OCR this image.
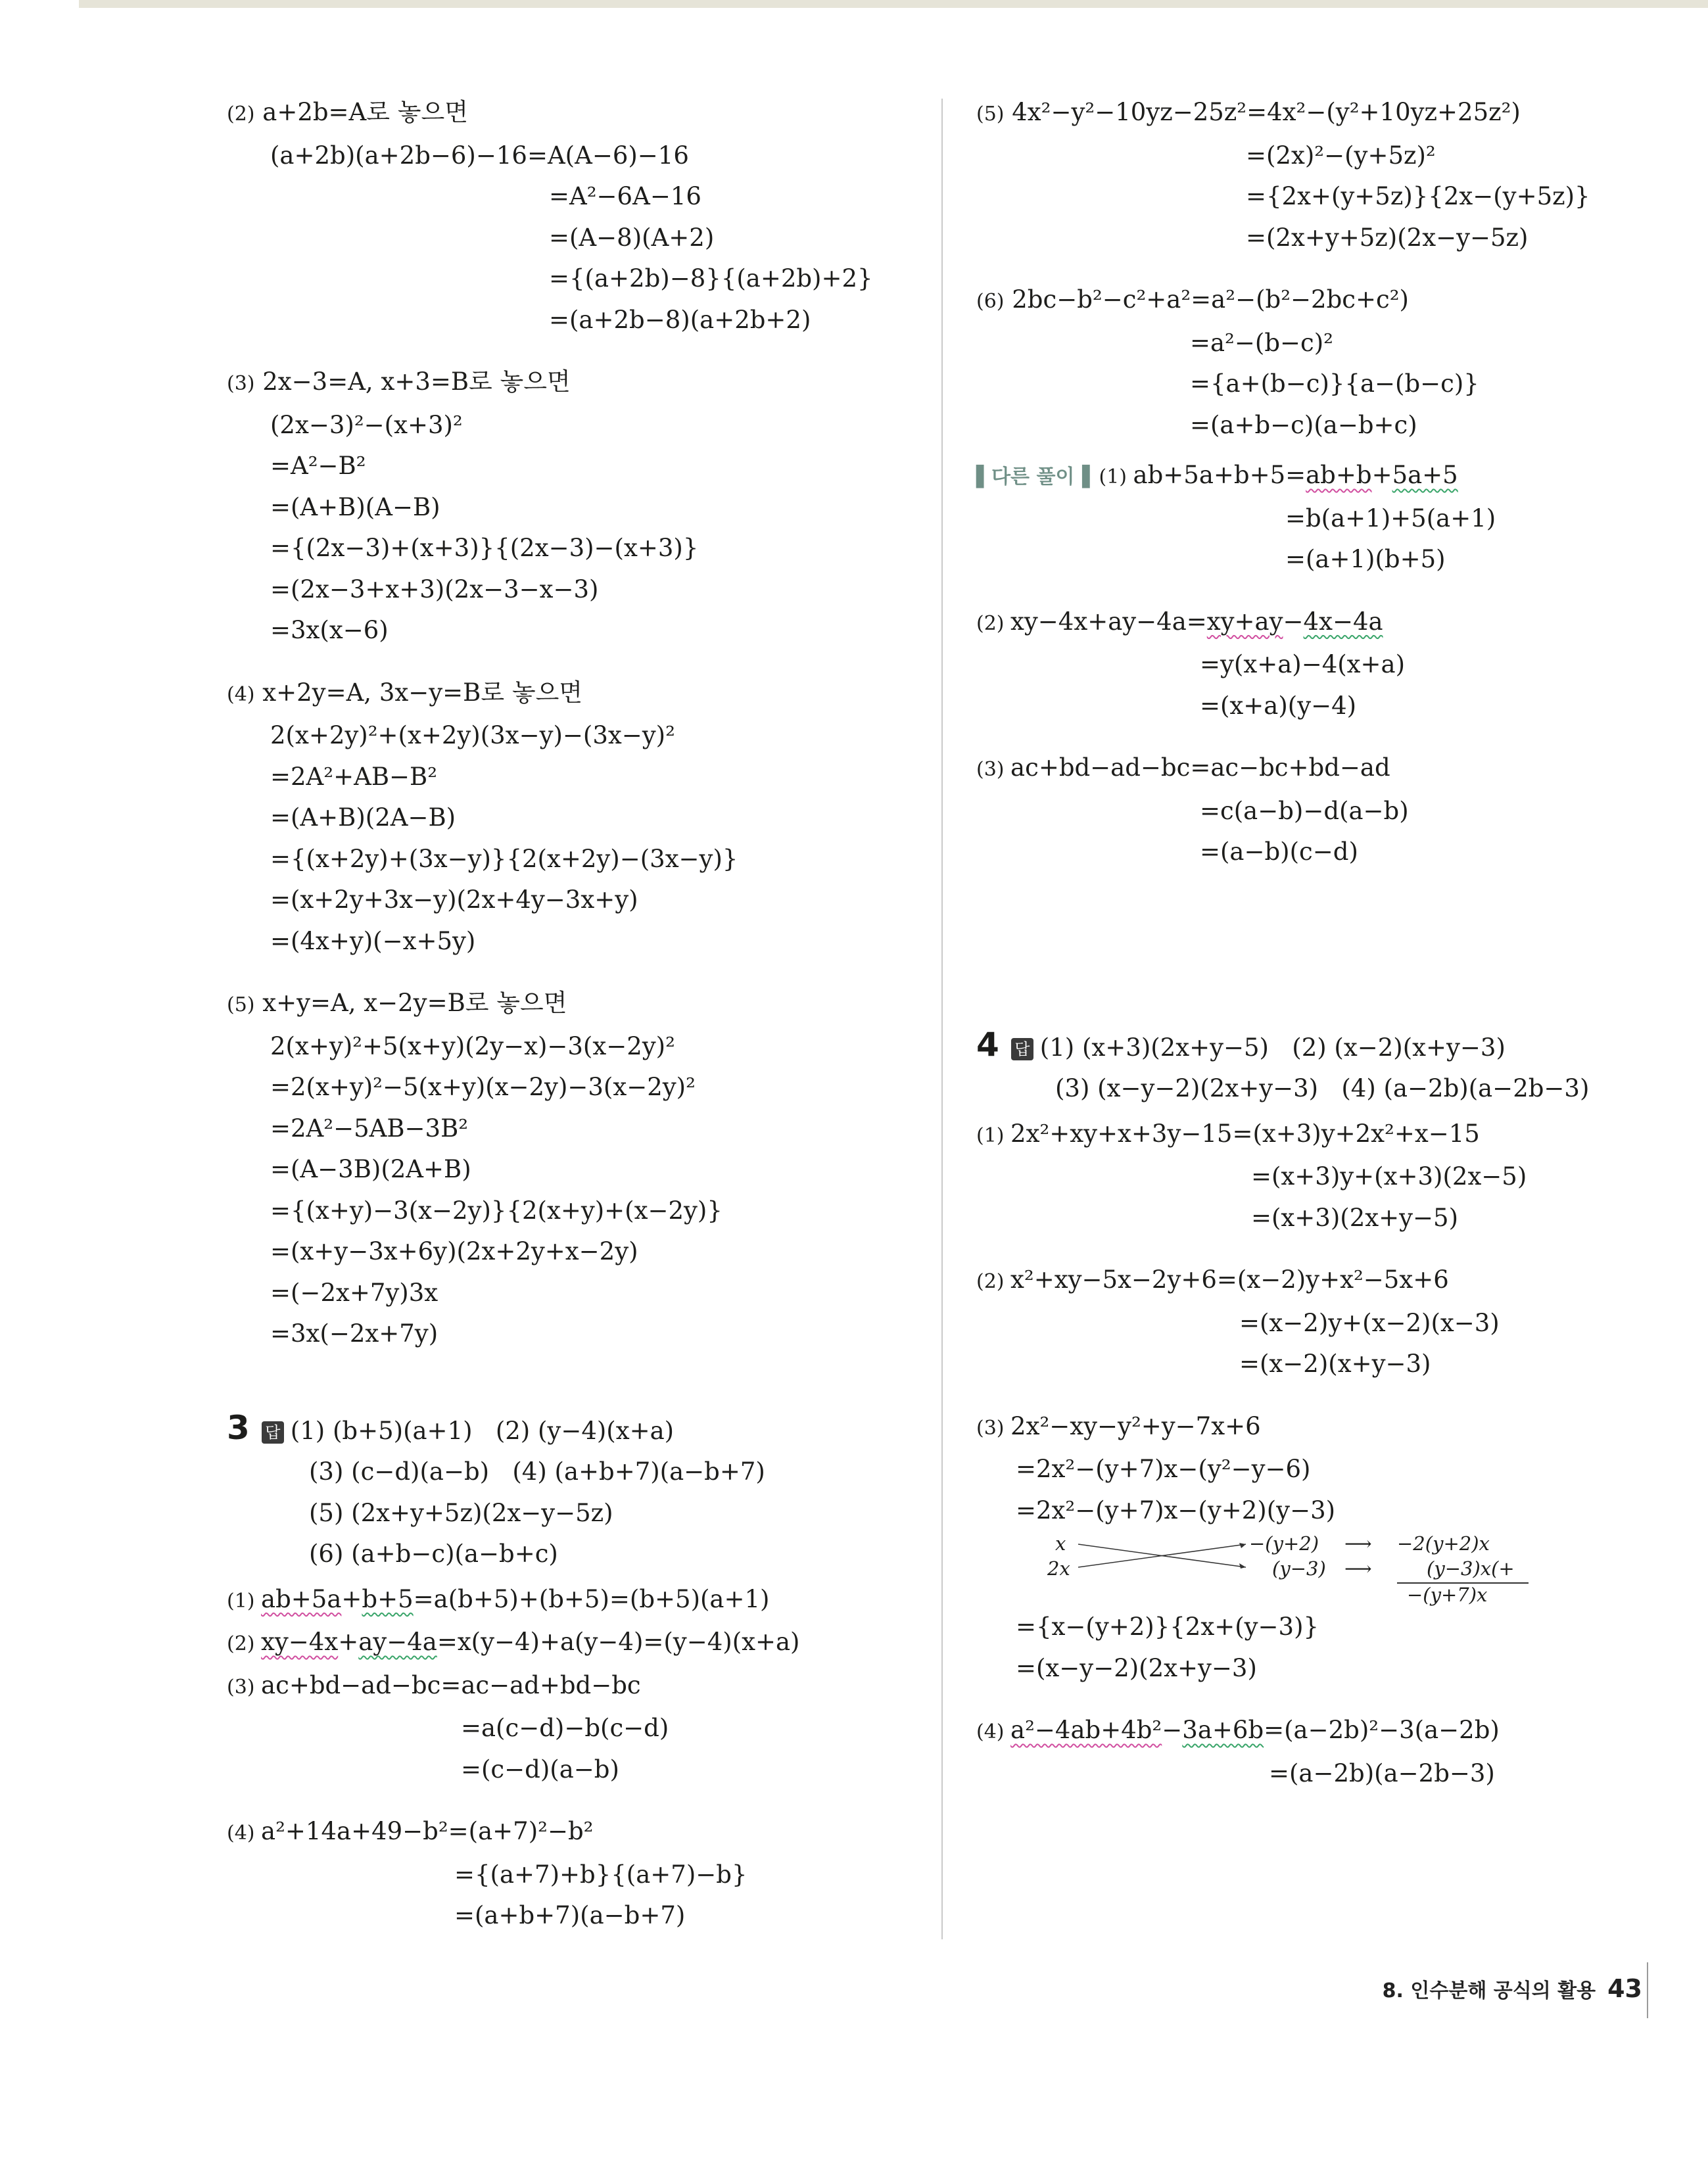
(2) a+2b=A로 놓으면
(a+2b)(a+2b−6)−16=A(A−6)−16
=A²−6A−16
=(A−8)(A+2)
={(a+2b)−8}{(a+2b)+2}
=(a+2b−8)(a+2b+2)
(3) 2x−3=A, x+3=B로 놓으면
(2x−3)²−(x+3)²
=A²−B²
=(A+B)(A−B)
={(2x−3)+(x+3)}{(2x−3)−(x+3)}
=(2x−3+x+3)(2x−3−x−3)
=3x(x−6)
(4) x+2y=A, 3x−y=B로 놓으면
2(x+2y)²+(x+2y)(3x−y)−(3x−y)²
=2A²+AB−B²
=(A+B)(2A−B)
={(x+2y)+(3x−y)}{2(x+2y)−(3x−y)}
=(x+2y+3x−y)(2x+4y−3x+y)
=(4x+y)(−x+5y)
(5) x+y=A, x−2y=B로 놓으면
2(x+y)²+5(x+y)(2y−x)−3(x−2y)²
=2(x+y)²−5(x+y)(x−2y)−3(x−2y)²
=2A²−5AB−3B²
=(A−3B)(2A+B)
={(x+y)−3(x−2y)}{2(x+y)+(x−2y)}
=(x+y−3x+6y)(2x+2y+x−2y)
=(−2x+7y)3x
=3x(−2x+7y)
3 답 (1) (b+5)(a+1)   (2) (y−4)(x+a)
(3) (c−d)(a−b)   (4) (a+b+7)(a−b+7)
(5) (2x+y+5z)(2x−y−5z)
(6) (a+b−c)(a−b+c)
(1) ab+5a+b+5=a(b+5)+(b+5)=(b+5)(a+1)
(2) xy−4x+ay−4a=x(y−4)+a(y−4)=(y−4)(x+a)
(3) ac+bd−ad−bc=ac−ad+bd−bc
=a(c−d)−b(c−d)
=(c−d)(a−b)
(4) a²+14a+49−b²=(a+7)²−b²
={(a+7)+b}{(a+7)−b}
=(a+b+7)(a−b+7)
(5) 4x²−y²−10yz−25z²=4x²−(y²+10yz+25z²)
=(2x)²−(y+5z)²
={2x+(y+5z)}{2x−(y+5z)}
=(2x+y+5z)(2x−y−5z)
(6) 2bc−b²−c²+a²=a²−(b²−2bc+c²)
=a²−(b−c)²
={a+(b−c)}{a−(b−c)}
=(a+b−c)(a−b+c)
▌다른 풀이▐ (1) ab+5a+b+5=ab+b+5a+5
=b(a+1)+5(a+1)
=(a+1)(b+5)
(2) xy−4x+ay−4a=xy+ay−4x−4a
=y(x+a)−4(x+a)
=(x+a)(y−4)
(3) ac+bd−ad−bc=ac−bc+bd−ad
=c(a−b)−d(a−b)
=(a−b)(c−d)
4 답 (1) (x+3)(2x+y−5)   (2) (x−2)(x+y−3)
(3) (x−y−2)(2x+y−3)   (4) (a−2b)(a−2b−3)
(1) 2x²+xy+x+3y−15=(x+3)y+2x²+x−15
=(x+3)y+(x+3)(2x−5)
=(x+3)(2x+y−5)
(2) x²+xy−5x−2y+6=(x−2)y+x²−5x+6
=(x−2)y+(x−2)(x−3)
=(x−2)(x+y−3)
(3) 2x²−xy−y²+y−7x+6
=2x²−(y+7)x−(y²−y−6)
=2x²−(y+7)x−(y+2)(y−3)
x
2x
−(y+2)
(y−3)
⟶
⟶
−2(y+2)x
(y−3)x(+
−(y+7)x
={x−(y+2)}{2x+(y−3)}
=(x−y−2)(2x+y−3)
(4) a²−4ab+4b²−3a+6b=(a−2b)²−3(a−2b)
=(a−2b)(a−2b−3)
8. 인수분해 공식의 활용 43
